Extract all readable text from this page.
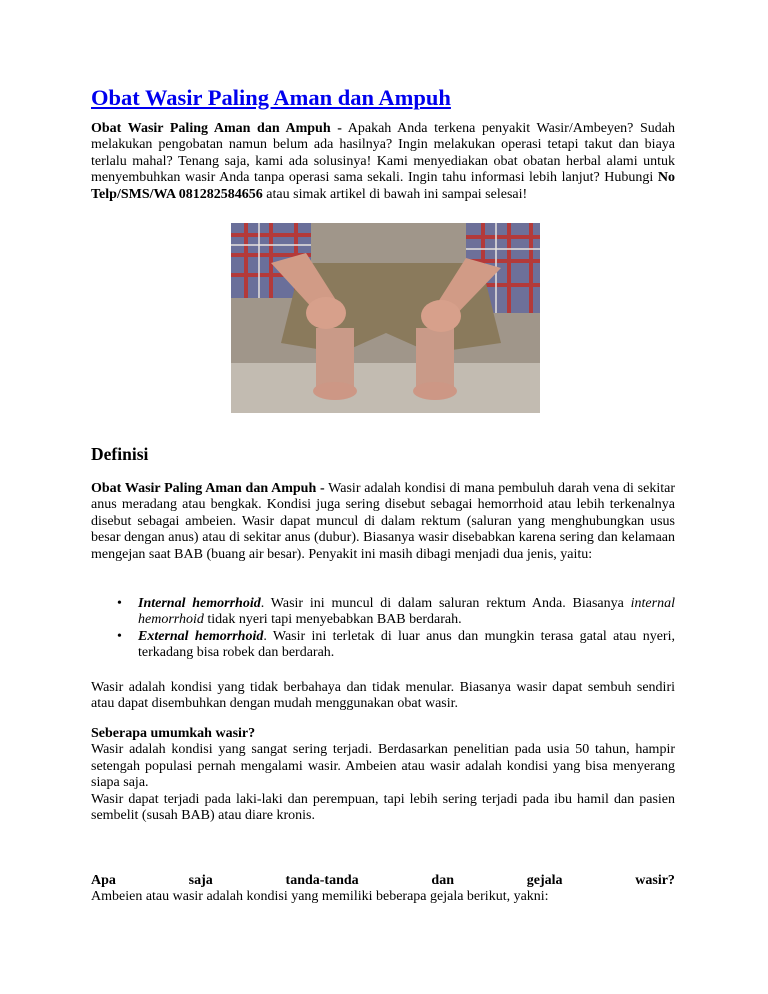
Obat Wasir Paling Aman dan Ampuh

Obat Wasir Paling Aman dan Ampuh - Apakah Anda terkena penyakit Wasir/Ambeyen? Sudah melakukan pengobatan namun belum ada hasilnya? Ingin melakukan operasi tetapi takut dan biaya terlalu mahal? Tenang saja, kami ada solusinya! Kami menyediakan obat obatan herbal alami untuk menyembuhkan wasir Anda tanpa operasi sama sekali. Ingin tahu informasi lebih lanjut? Hubungi No Telp/SMS/WA 081282584656 atau simak artikel di bawah ini sampai selesai!

Definisi

Obat Wasir Paling Aman dan Ampuh - Wasir adalah kondisi di mana pembuluh darah vena di sekitar anus meradang atau bengkak. Kondisi juga sering disebut sebagai hemorrhoid atau lebih terkenalnya disebut sebagai ambeien. Wasir dapat muncul di dalam rektum (saluran yang menghubungkan usus besar dengan anus) atau di sekitar anus (dubur). Biasanya wasir disebabkan karena sering dan kelamaan mengejan saat BAB (buang air besar). Penyakit ini masih dibagi menjadi dua jenis, yaitu:

• Internal hemorrhoid. Wasir ini muncul di dalam saluran rektum Anda. Biasanya internal hemorrhoid tidak nyeri tapi menyebabkan BAB berdarah.
• External hemorrhoid. Wasir ini terletak di luar anus dan mungkin terasa gatal atau nyeri, terkadang bisa robek dan berdarah.

Wasir adalah kondisi yang tidak berbahaya dan tidak menular. Biasanya wasir dapat sembuh sendiri atau dapat disembuhkan dengan mudah menggunakan obat wasir.

Seberapa umumkah wasir?

Wasir adalah kondisi yang sangat sering terjadi. Berdasarkan penelitian pada usia 50 tahun, hampir setengah populasi pernah mengalami wasir. Ambeien atau wasir adalah kondisi yang bisa menyerang siapa saja.

Wasir dapat terjadi pada laki-laki dan perempuan, tapi lebih sering terjadi pada ibu hamil dan pasien sembelit (susah BAB) atau diare kronis.

Apa	saja	tanda-tanda	dan	gejala	wasir?

Ambeien atau wasir adalah kondisi yang memiliki beberapa gejala berikut, yakni:
